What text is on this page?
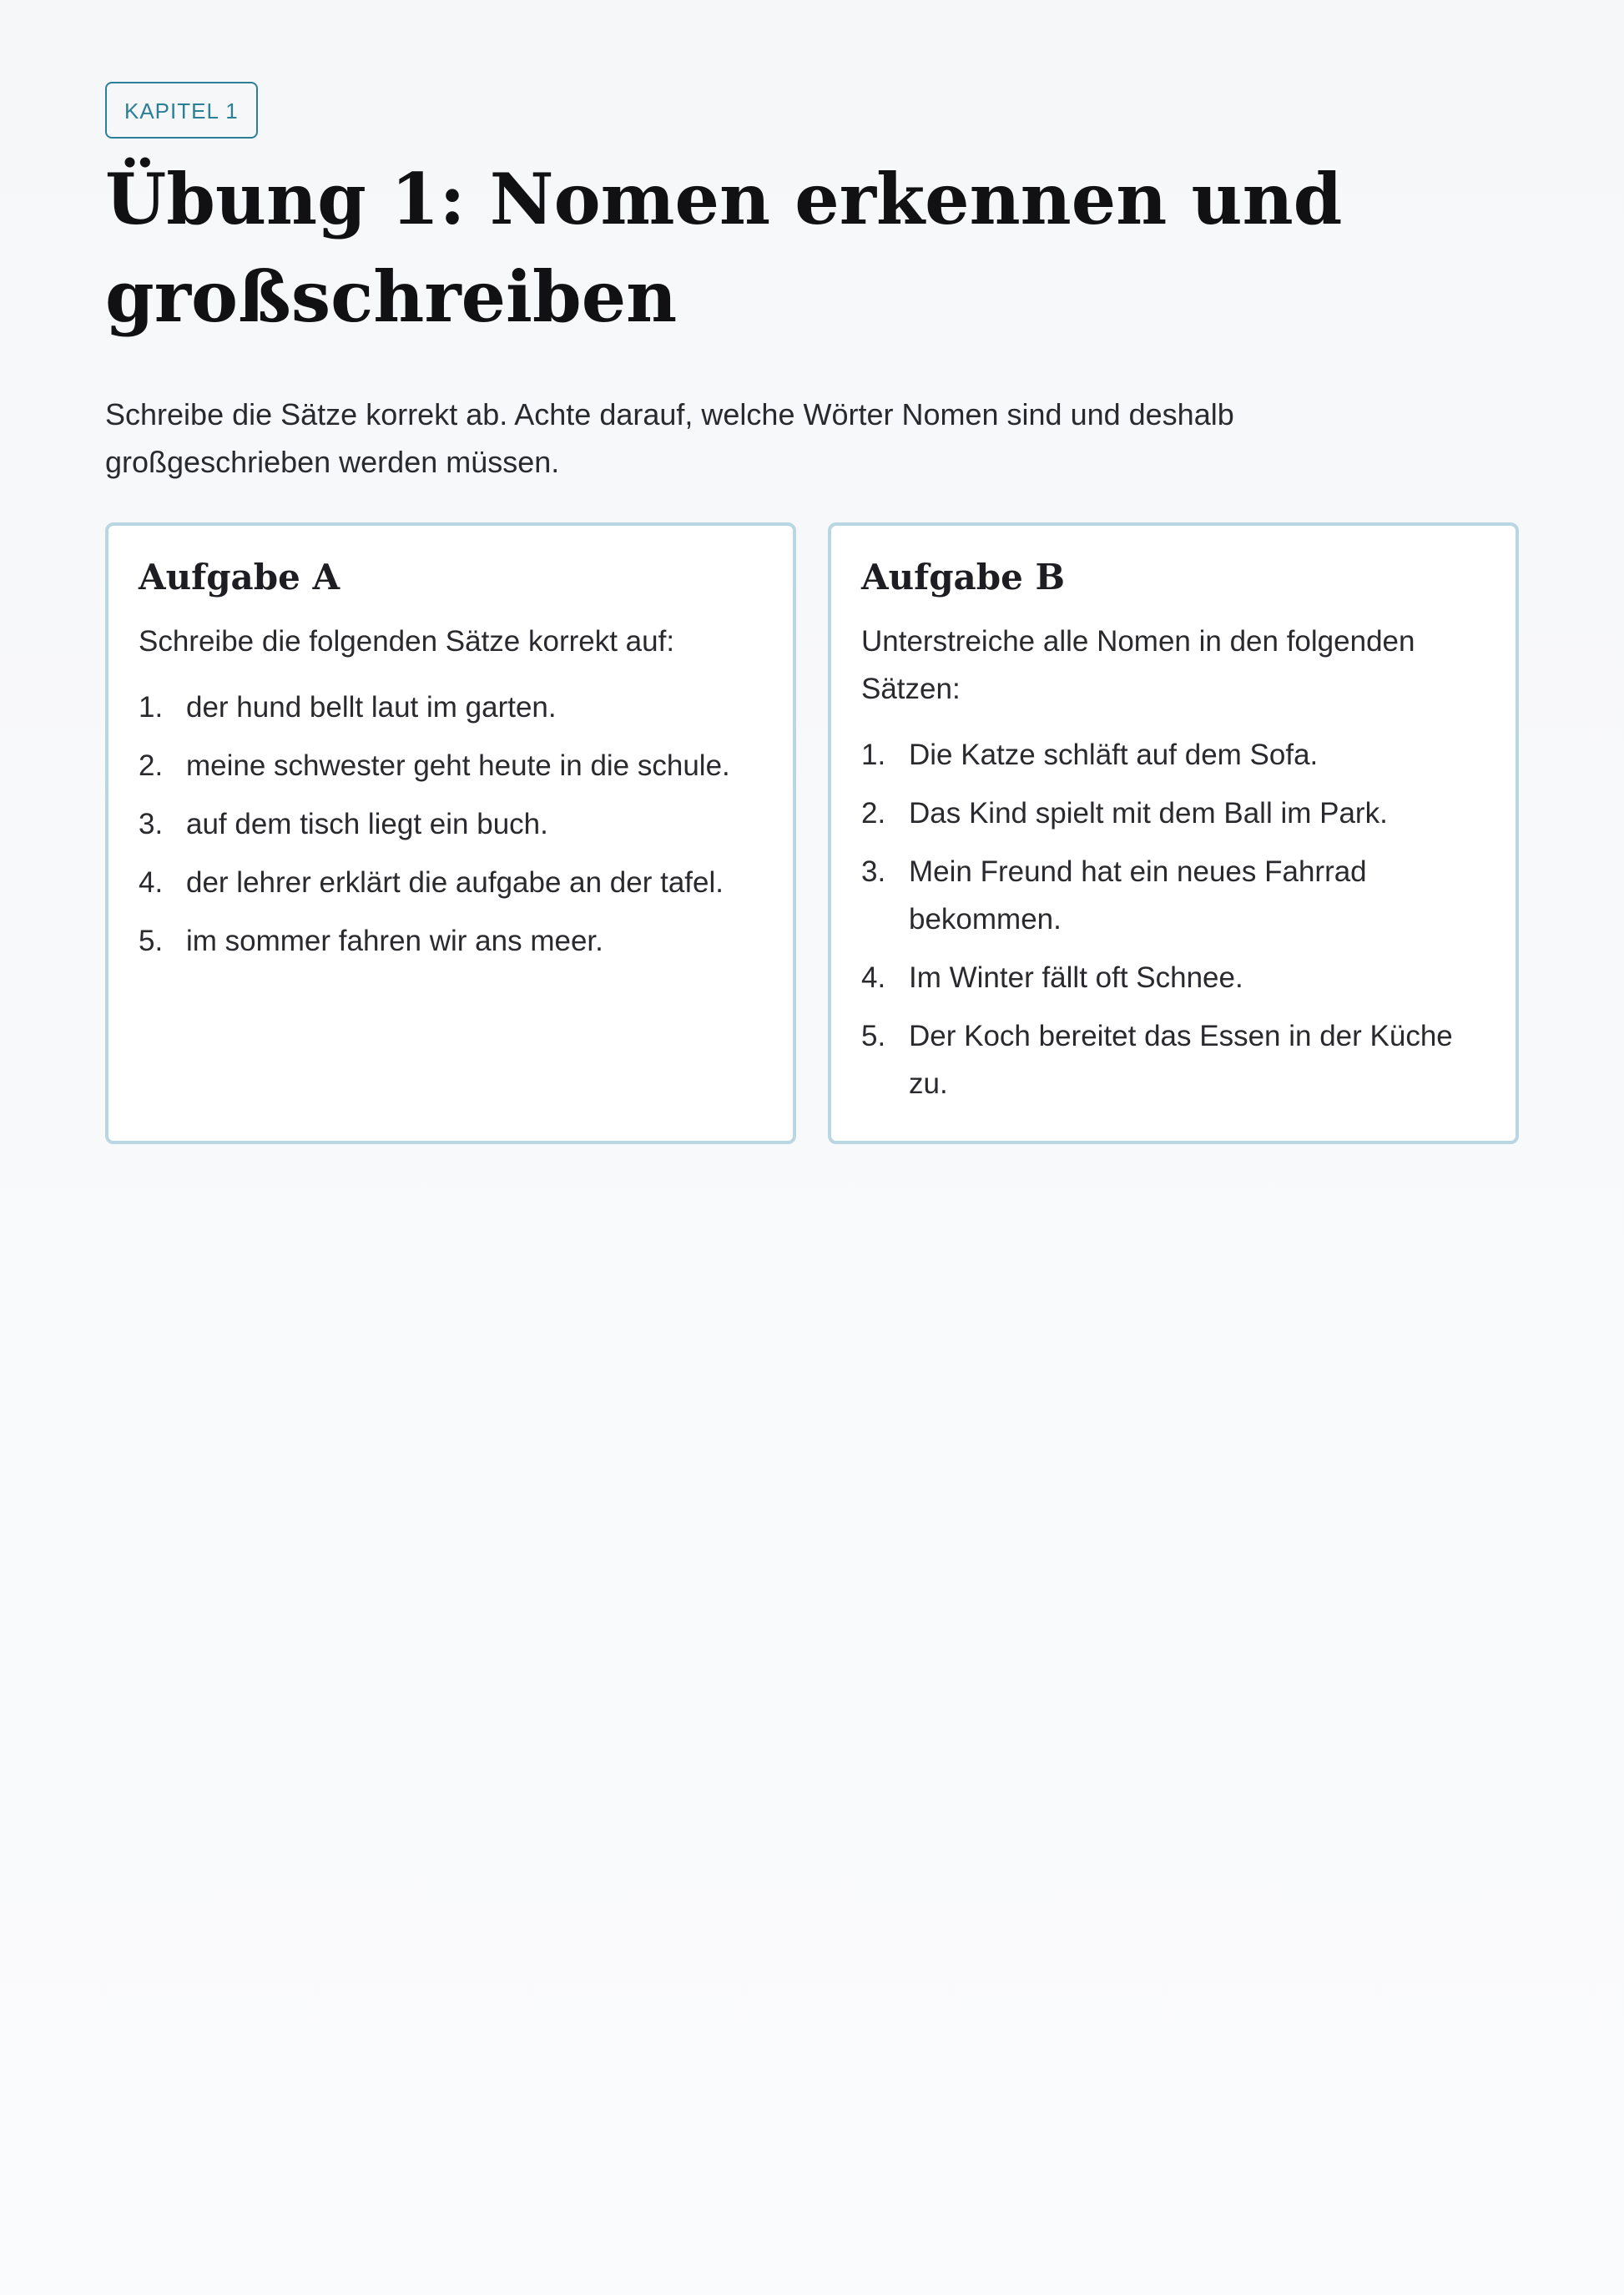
KAPITEL 1
Übung 1: Nomen erkennen und großschreiben

Schreibe die Sätze korrekt ab. Achte darauf, welche Wörter Nomen sind und deshalb großgeschrieben werden müssen.

Aufgabe A

Schreibe die folgenden Sätze korrekt auf:

1. der hund bellt laut im garten.
2. meine schwester geht heute in die schule.
3. auf dem tisch liegt ein buch.
4. der lehrer erklärt die aufgabe an der tafel.
5. im sommer fahren wir ans meer.
Aufgabe B

Unterstreiche alle Nomen in den folgenden Sätzen:

1. Die Katze schläft auf dem Sofa.
2. Das Kind spielt mit dem Ball im Park.
3. Mein Freund hat ein neues Fahrrad bekommen.
4. Im Winter fällt oft Schnee.
5. Der Koch bereitet das Essen in der Küche zu.
